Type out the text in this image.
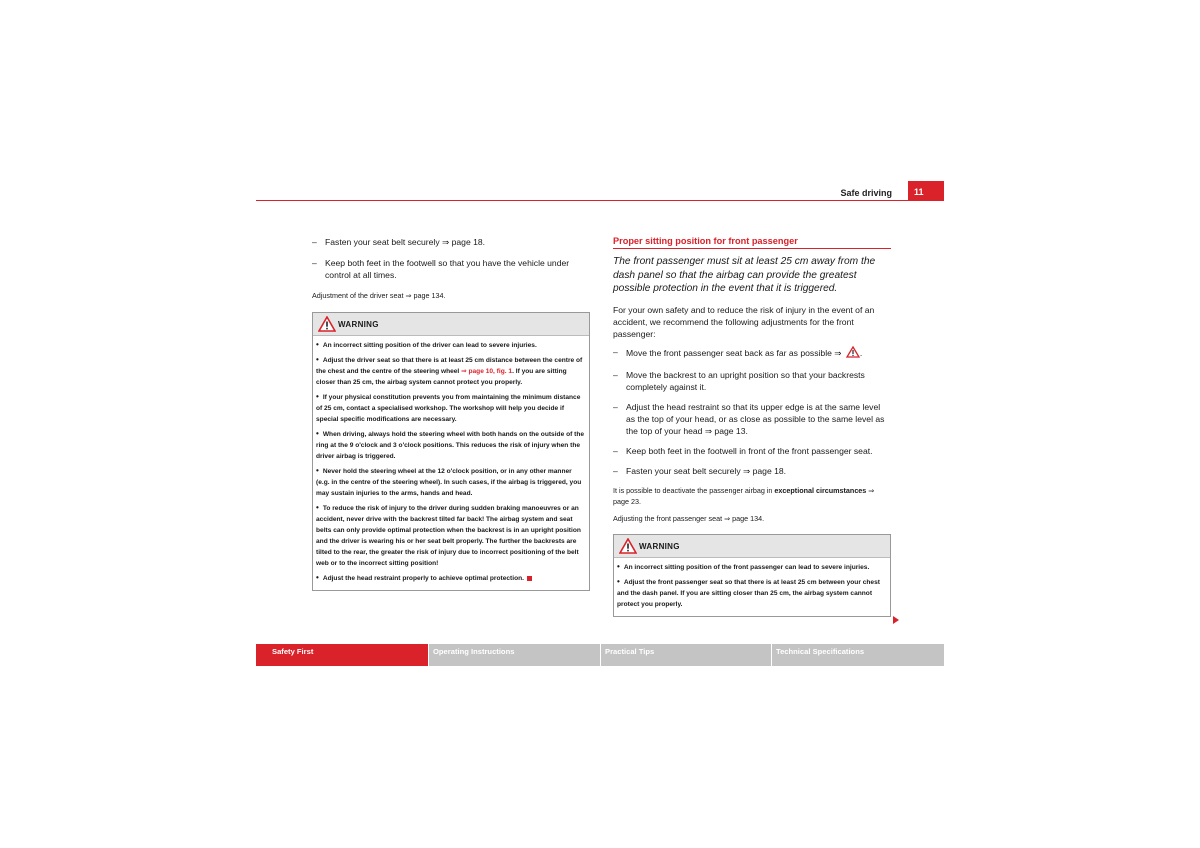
Safe driving	11
– Fasten your seat belt securely ⇒ page 18.
– Keep both feet in the footwell so that you have the vehicle under control at all times.
Adjustment of the driver seat ⇒ page 134.
WARNING
• An incorrect sitting position of the driver can lead to severe injuries.
• Adjust the driver seat so that there is at least 25 cm distance between the centre of the chest and the centre of the steering wheel ⇒ page 10, fig. 1. If you are sitting closer than 25 cm, the airbag system cannot protect you properly.
• If your physical constitution prevents you from maintaining the minimum distance of 25 cm, contact a specialised workshop. The workshop will help you decide if special specific modifications are necessary.
• When driving, always hold the steering wheel with both hands on the outside of the ring at the 9 o'clock and 3 o'clock positions. This reduces the risk of injury when the driver airbag is triggered.
• Never hold the steering wheel at the 12 o'clock position, or in any other manner (e.g. in the centre of the steering wheel). In such cases, if the airbag is triggered, you may sustain injuries to the arms, hands and head.
• To reduce the risk of injury to the driver during sudden braking manoeuvres or an accident, never drive with the backrest tilted far back! The airbag system and seat belts can only provide optimal protection when the backrest is in an upright position and the driver is wearing his or her seat belt properly. The further the backrests are tilted to the rear, the greater the risk of injury due to incorrect positioning of the belt web or to the incorrect sitting position!
• Adjust the head restraint properly to achieve optimal protection.
Proper sitting position for front passenger
The front passenger must sit at least 25 cm away from the dash panel so that the airbag can provide the greatest possible protection in the event that it is triggered.
For your own safety and to reduce the risk of injury in the event of an accident, we recommend the following adjustments for the front passenger:
– Move the front passenger seat back as far as possible ⇒ .
– Move the backrest to an upright position so that your backrests completely against it.
– Adjust the head restraint so that its upper edge is at the same level as the top of your head, or as close as possible to the same level as the top of your head ⇒ page 13.
– Keep both feet in the footwell in front of the front passenger seat.
– Fasten your seat belt securely ⇒ page 18.
It is possible to deactivate the passenger airbag in exceptional circumstances ⇒ page 23.
Adjusting the front passenger seat ⇒ page 134.
WARNING
• An incorrect sitting position of the front passenger can lead to severe injuries.
• Adjust the front passenger seat so that there is at least 25 cm between your chest and the dash panel. If you are sitting closer than 25 cm, the airbag system cannot protect you properly.
Safety First	Operating Instructions	Practical Tips	Technical Specifications
